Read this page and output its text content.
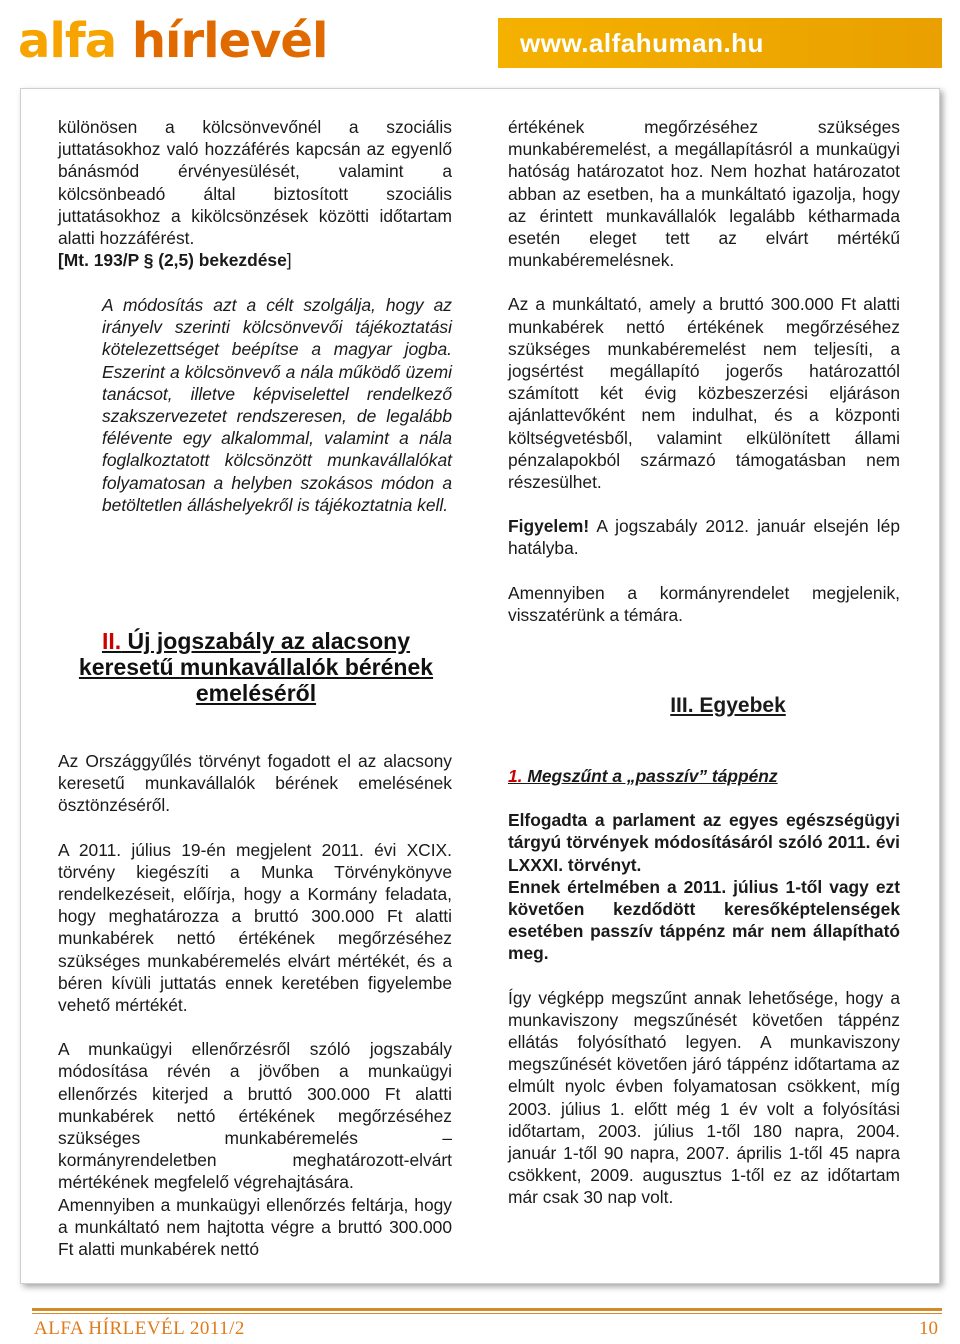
alfa hírlevél	www.alfahuman.hu

különösen a kölcsönvevőnél a szociális juttatásokhoz való hozzáférés kapcsán az egyenlő bánásmód érvényesülését, valamint a kölcsönbeadó által biztosított szociális juttatásokhoz a kikölcsönzések közötti időtartam alatti hozzáférést.

[Mt. 193/P § (2,5) bekezdése]

A módosítás azt a célt szolgálja, hogy az irányelv szerinti kölcsönvevői tájékoztatási kötelezettséget beépítse a magyar jogba. Eszerint a kölcsönvevő a nála működő üzemi tanácsot, illetve képviselettel rendelkező szakszervezetet rendszeresen, de legalább félévente egy alkalommal, valamint a nála foglalkoztatott kölcsönzött munkavállalókat folyamatosan a helyben szokásos módon a betöltetlen álláshelyekről is tájékoztatnia kell.

II. Új jogszabály az alacsony keresetű munkavállalók bérének emeléséről

Az Országgyűlés törvényt fogadott el az alacsony keresetű munkavállalók bérének emelésének ösztönzéséről.

A 2011. július 19-én megjelent 2011. évi XCIX. törvény kiegészíti a Munka Törvénykönyve rendelkezéseit, előírja, hogy a Kormány feladata, hogy meghatározza a bruttó 300.000 Ft alatti munkabérek nettó értékének megőrzéséhez szükséges munkabéremelés elvárt mértékét, és a béren kívüli juttatás ennek keretében figyelembe vehető mértékét.

A munkaügyi ellenőrzésről szóló jogszabály módosítása révén a jövőben a munkaügyi ellenőrzés kiterjed a bruttó 300.000 Ft alatti munkabérek nettó értékének megőrzéséhez szükséges munkabéremelés – kormányrendeletben meghatározott-elvárt mértékének megfelelő végrehajtására.

Amennyiben a munkaügyi ellenőrzés feltárja, hogy a munkáltató nem hajtotta végre a bruttó 300.000 Ft alatti munkabérek nettó

értékének megőrzéséhez szükséges munkabéremelést, a megállapításról a munkaügyi hatóság határozatot hoz. Nem hozhat határozatot abban az esetben, ha a munkáltató igazolja, hogy az érintett munkavállalók legalább kétharmada esetén eleget tett az elvárt mértékű munkabéremelésnek.

Az a munkáltató, amely a bruttó 300.000 Ft alatti munkabérek nettó értékének megőrzéséhez szükséges munkabéremelést nem teljesíti, a jogsértést megállapító jogerős határozattól számított két évig közbeszerzési eljáráson ajánlattevőként nem indulhat, és a központi költségvetésből, valamint elkülönített állami pénzalapokból származó támogatásban nem részesülhet.

Figyelem! A jogszabály 2012. január elsején lép hatályba.

Amennyiben a kormányrendelet megjelenik, visszatérünk a témára.

III. Egyebek

1. Megszűnt a „passzív” táppénz

Elfogadta a parlament az egyes egészségügyi tárgyú törvények módosításáról szóló 2011. évi LXXXI. törvényt.

Ennek értelmében a 2011. július 1-től vagy ezt követően kezdődött keresőképtelenségek esetében passzív táppénz már nem állapítható meg.

Így végképp megszűnt annak lehetősége, hogy a munkaviszony megszűnését követően táppénz ellátás folyósítható legyen. A munkaviszony megszűnését követően járó táppénz időtartama az elmúlt nyolc évben folyamatosan csökkent, míg 2003. július 1. előtt még 1 év volt a folyósítási időtartam, 2003. július 1-től 180 napra, 2004. január 1-től 90 napra, 2007. április 1-től 45 napra csökkent, 2009. augusztus 1-től ez az időtartam már csak 30 nap volt.

ALFA HÍRLEVÉL 2011/2	10
